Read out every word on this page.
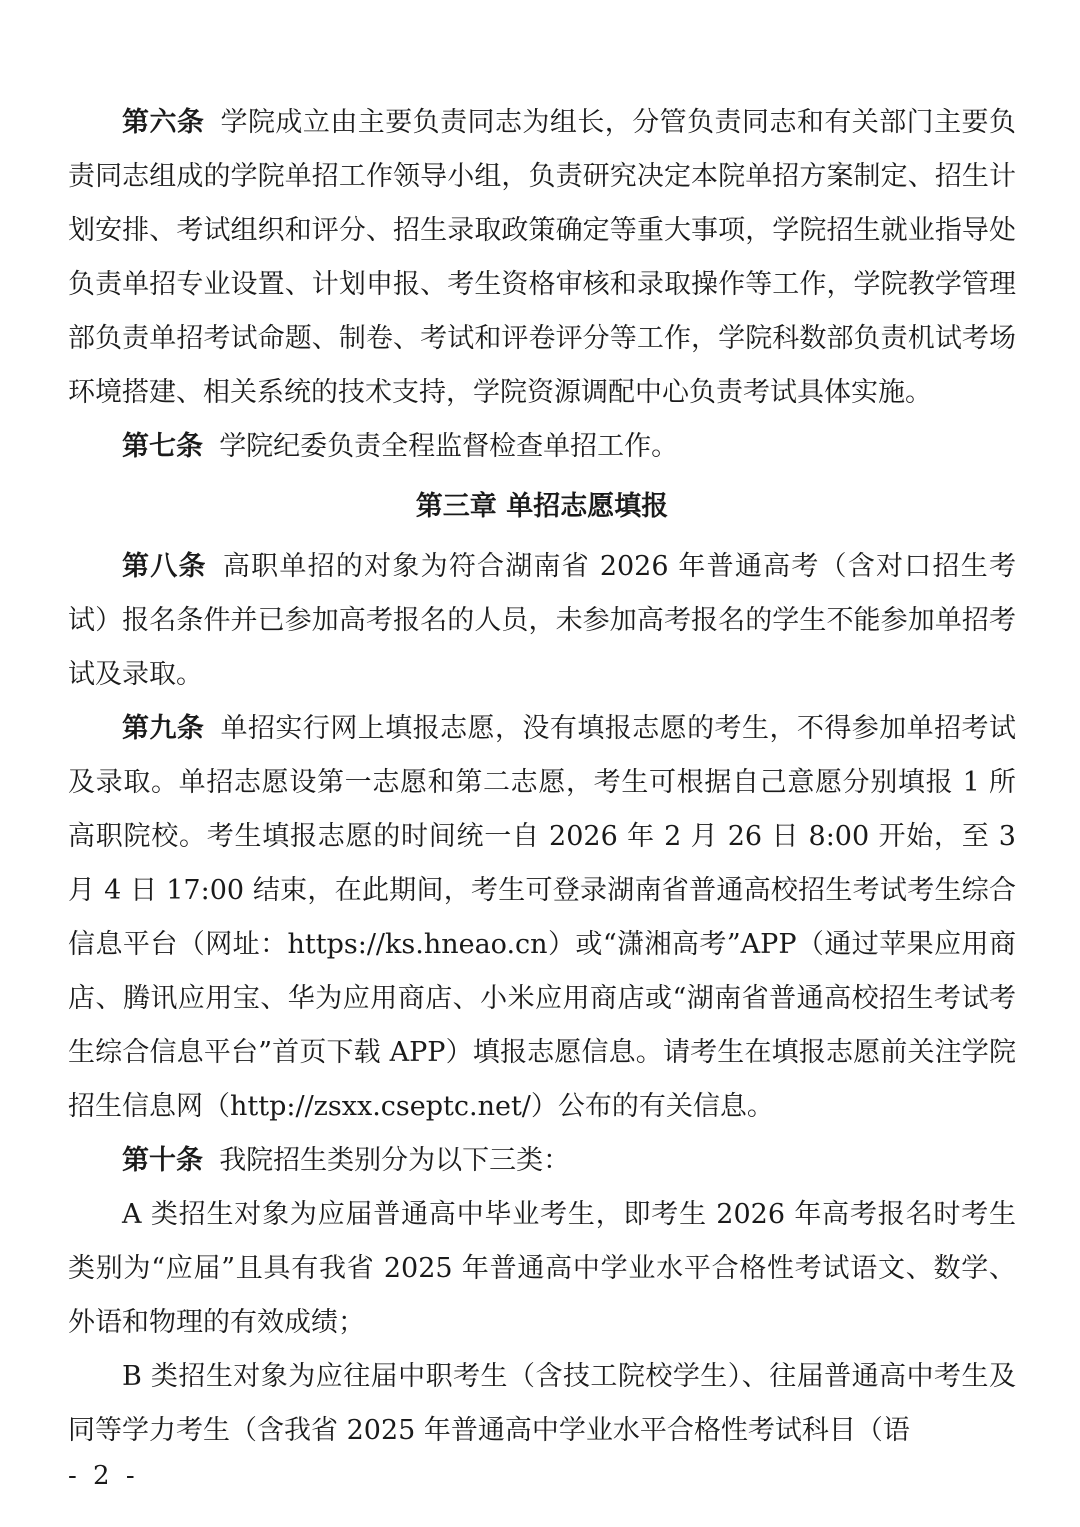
第六条 学院成立由主要负责同志为组长，分管负责同志和有关部门主要负责同志组成的学院单招工作领导小组，负责研究决定本院单招方案制定、招生计划安排、考试组织和评分、招生录取政策确定等重大事项，学院招生就业指导处负责单招专业设置、计划申报、考生资格审核和录取操作等工作，学院教学管理部负责单招考试命题、制卷、考试和评卷评分等工作，学院科数部负责机试考场环境搭建、相关系统的技术支持，学院资源调配中心负责考试具体实施。

第七条 学院纪委负责全程监督检查单招工作。

第三章 单招志愿填报

第八条 高职单招的对象为符合湖南省 2026 年普通高考（含对口招生考试）报名条件并已参加高考报名的人员，未参加高考报名的学生不能参加单招考试及录取。

第九条 单招实行网上填报志愿，没有填报志愿的考生，不得参加单招考试及录取。单招志愿设第一志愿和第二志愿，考生可根据自己意愿分别填报 1 所高职院校。考生填报志愿的时间统一自 2026 年 2 月 26 日 8:00 开始，至 3 月 4 日 17:00 结束，在此期间，考生可登录湖南省普通高校招生考试考生综合信息平台（网址：https://ks.hneao.cn）或“潇湘高考”APP（通过苹果应用商店、腾讯应用宝、华为应用商店、小米应用商店或“湖南省普通高校招生考试考生综合信息平台”首页下载 APP）填报志愿信息。请考生在填报志愿前关注学院招生信息网（http://zsxx.cseptc.net/）公布的有关信息。

第十条 我院招生类别分为以下三类：

A 类招生对象为应届普通高中毕业考生，即考生 2026 年高考报名时考生类别为“应届”且具有我省 2025 年普通高中学业水平合格性考试语文、数学、外语和物理的有效成绩；

B 类招生对象为应往届中职考生（含技工院校学生）、往届普通高中考生及同等学力考生（含我省 2025 年普通高中学业水平合格性考试科目（语

- 2 -
